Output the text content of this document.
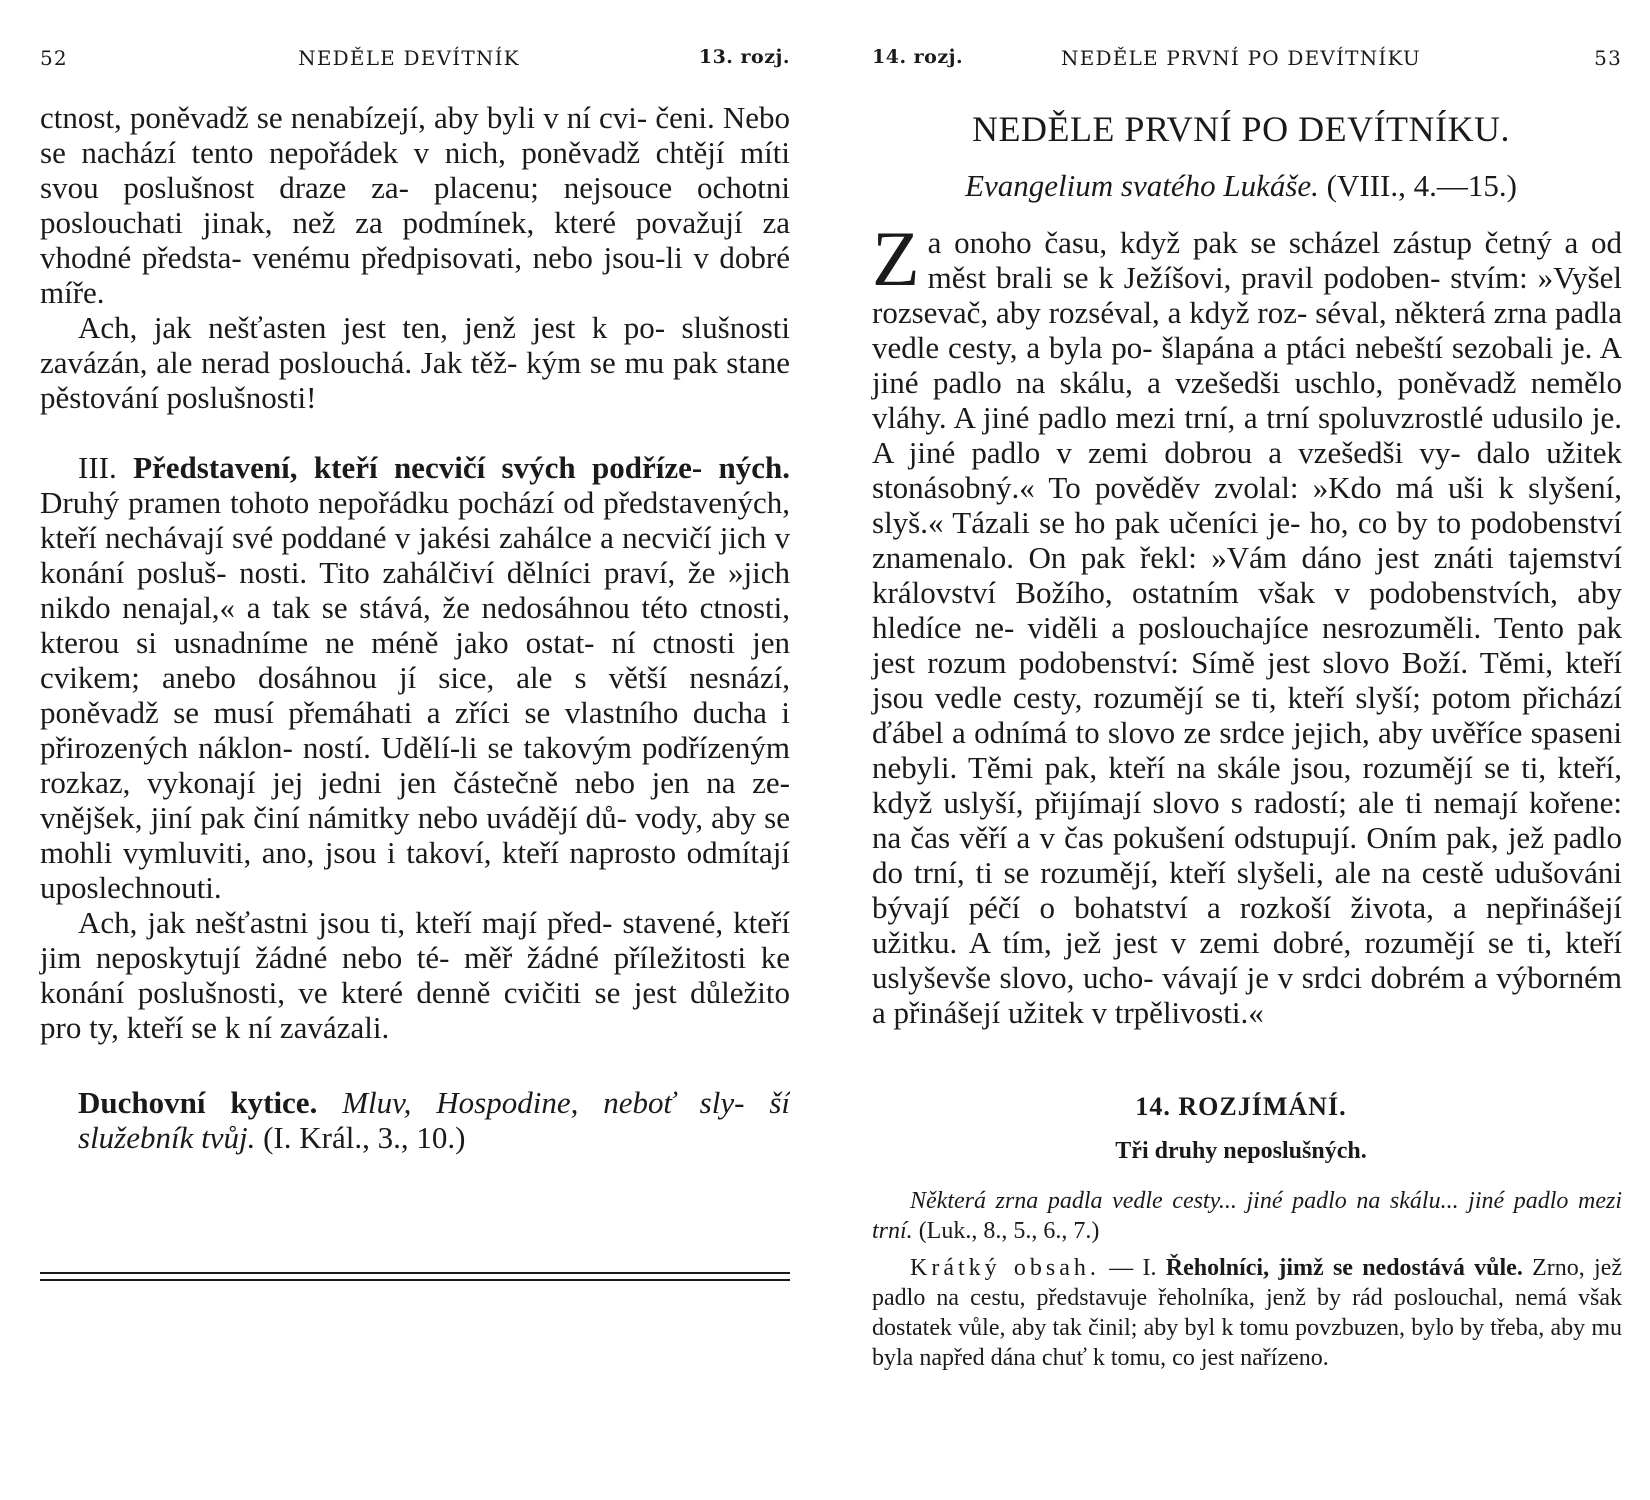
52	NEDĚLE DEVÍTNÍK	13. rozj.

ctnost, poněvadž se nenabízejí, aby byli v ní cvi- čeni. Nebo se nachází tento nepořádek v nich, poněvadž chtějí míti svou poslušnost draze za- placenu; nejsouce ochotni poslouchati jinak, než za podmínek, které považují za vhodné předsta- venému předpisovati, nebo jsou-li v dobré míře.

Ach, jak nešťasten jest ten, jenž jest k po- slušnosti zavázán, ale nerad poslouchá. Jak těž- kým se mu pak stane pěstování poslušnosti!

III. Představení, kteří necvičí svých podříze- ných. Druhý pramen tohoto nepořádku pochází od představených, kteří nechávají své poddané v jakési zahálce a necvičí jich v konání posluš- nosti. Tito zahálčiví dělníci praví, že »jich nikdo nenajal,« a tak se stává, že nedosáhnou této ctnosti, kterou si usnadníme ne méně jako ostat- ní ctnosti jen cvikem; anebo dosáhnou jí sice, ale s větší nesnází, poněvadž se musí přemáhati a zříci se vlastního ducha i přirozených náklon- ností. Udělí-li se takovým podřízeným rozkaz, vykonají jej jedni jen částečně nebo jen na ze- vnějšek, jiní pak činí námitky nebo uvádějí dů- vody, aby se mohli vymluviti, ano, jsou i takoví, kteří naprosto odmítají uposlechnouti.

Ach, jak nešťastni jsou ti, kteří mají před- stavené, kteří jim neposkytují žádné nebo té- měř žádné příležitosti ke konání poslušnosti, ve které denně cvičiti se jest důležito pro ty, kteří se k ní zavázali.

Duchovní kytice. Mluv, Hospodine, neboť sly- ší služebník tvůj. (I. Král., 3., 10.)

14. rozj.	NEDĚLE PRVNÍ PO DEVÍTNÍKU	53
NEDĚLE PRVNÍ PO DEVÍTNÍKU.
Evangelium svatého Lukáše. (VIII., 4.—15.)

Za onoho času, když pak se scházel zástup četný a od měst brali se k Ježíšovi, pravil podoben- stvím: »Vyšel rozsevač, aby rozséval, a když roz- séval, některá zrna padla vedle cesty, a byla po- šlapána a ptáci nebeští sezobali je. A jiné padlo na skálu, a vzešedši uschlo, poněvadž nemělo vláhy. A jiné padlo mezi trní, a trní spoluvzrostlé udusilo je. A jiné padlo v zemi dobrou a vzešedši vy- dalo užitek stonásobný.« To pověděv zvolal: »Kdo má uši k slyšení, slyš.« Tázali se ho pak učeníci je- ho, co by to podobenství znamenalo. On pak řekl: »Vám dáno jest znáti tajemství království Božího, ostatním však v podobenstvích, aby hledíce ne- viděli a poslouchajíce nesrozuměli. Tento pak jest rozum podobenství: Símě jest slovo Boží. Těmi, kteří jsou vedle cesty, rozumějí se ti, kteří slyší; potom přichází ďábel a odnímá to slovo ze srdce jejich, aby uvěříce spaseni nebyli. Těmi pak, kteří na skále jsou, rozumějí se ti, kteří, když uslyší, přijímají slovo s radostí; ale ti nemají kořene: na čas věří a v čas pokušení odstupují. Oním pak, jež padlo do trní, ti se rozumějí, kteří slyšeli, ale na cestě udušováni bývají péčí o bohatství a rozkoší života, a nepřinášejí užitku. A tím, jež jest v zemi dobré, rozumějí se ti, kteří uslyševše slovo, ucho- vávají je v srdci dobrém a výborném a přinášejí užitek v trpělivosti.«

14. ROZJÍMÁNÍ.
Tři druhy neposlušných.
Některá zrna padla vedle cesty... jiné padlo na skálu... jiné padlo mezi trní. (Luk., 8., 5., 6., 7.)
Krátký obsah. — I. Řeholníci, jimž se nedostává vůle. Zrno, jež padlo na cestu, představuje řeholníka, jenž by rád poslouchal, nemá však dostatek vůle, aby tak činil; aby byl k tomu povzbuzen, bylo by třeba, aby mu byla napřed dána chuť k tomu, co jest nařízeno.
